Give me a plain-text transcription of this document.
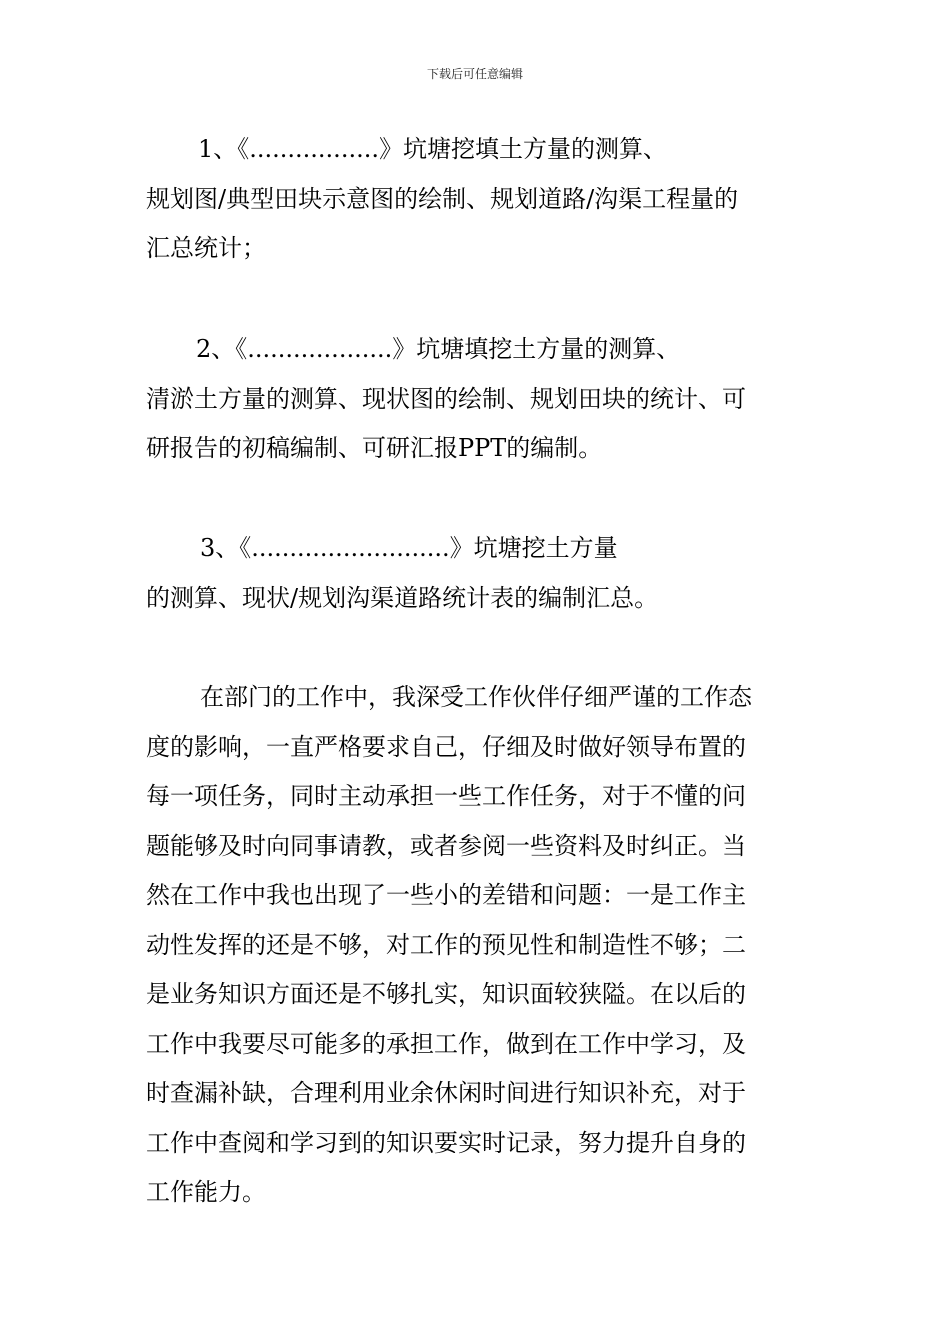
下载后可任意编辑
1、《.................》坑塘挖填土方量的测算、
规划图/典型田块示意图的绘制、规划道路/沟渠工程量的
汇总统计；
2、《...................》坑塘填挖土方量的测算、
清淤土方量的测算、现状图的绘制、规划田块的统计、可
研报告的初稿编制、可研汇报PPT的编制。
3、《..........................》坑塘挖土方量
的测算、现状/规划沟渠道路统计表的编制汇总。
在部门的工作中，我深受工作伙伴仔细严谨的工作态
度的影响，一直严格要求自己，仔细及时做好领导布置的
每一项任务，同时主动承担一些工作任务，对于不懂的问
题能够及时向同事请教，或者参阅一些资料及时纠正。当
然在工作中我也出现了一些小的差错和问题：一是工作主
动性发挥的还是不够，对工作的预见性和制造性不够；二
是业务知识方面还是不够扎实，知识面较狭隘。在以后的
工作中我要尽可能多的承担工作，做到在工作中学习，及
时查漏补缺，合理利用业余休闲时间进行知识补充，对于
工作中查阅和学习到的知识要实时记录，努力提升自身的
工作能力。
